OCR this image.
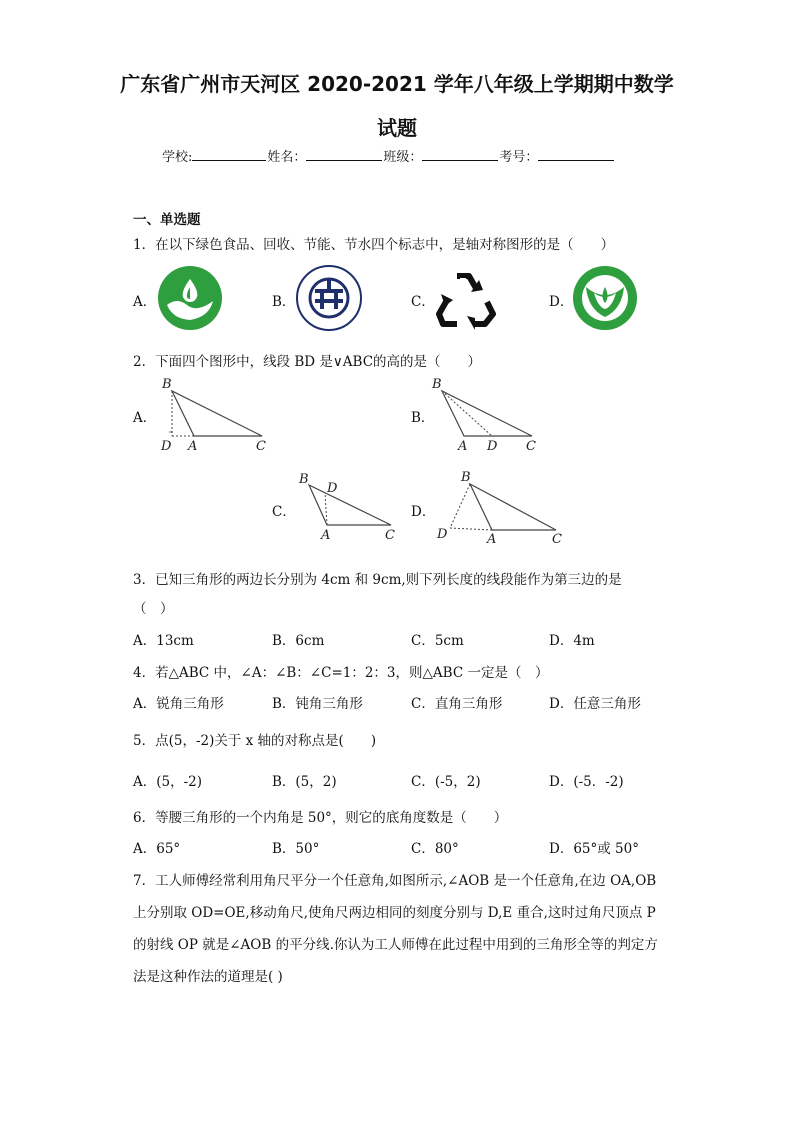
广东省广州市天河区 2020-2021 学年八年级上学期期中数学
试题
学校:	姓名：	班级：	考号：
一、单选题
1．在以下绿色食品、回收、节能、节水四个标志中，是轴对称图形的是（　　）
A．	B．	C．	D．
2．下面四个图形中，线段 BD 是∨ABC的高的是（　　）
A．	B．
C．	D．
B
D A	C
B
A D C
B
D
A	C
B
D	A	C
3．已知三角形的两边长分别为 4cm 和 9cm,则下列长度的线段能作为第三边的是
（　）
A．13cm	B．6cm	C．5cm	D．4m
4．若△ABC 中，∠A：∠B：∠C=1：2：3，则△ABC 一定是（　）
A．锐角三角形	B．钝角三角形	C．直角三角形	D．任意三角形
5．点(5，-2)关于 x 轴的对称点是(　　)
A．(5，-2)	B．(5，2)	C．(-5，2)	D．(-5．-2)
6．等腰三角形的一个内角是 50°，则它的底角度数是（　　）
A．65°	B．50°	C．80°	D．65°或 50°
7．工人师傅经常利用角尺平分一个任意角,如图所示,∠AOB 是一个任意角,在边 OA,OB
上分别取 OD=OE,移动角尺,使角尺两边相同的刻度分别与 D,E 重合,这时过角尺顶点 P
的射线 OP 就是∠AOB 的平分线.你认为工人师傅在此过程中用到的三角形全等的判定方
法是这种作法的道理是( )
